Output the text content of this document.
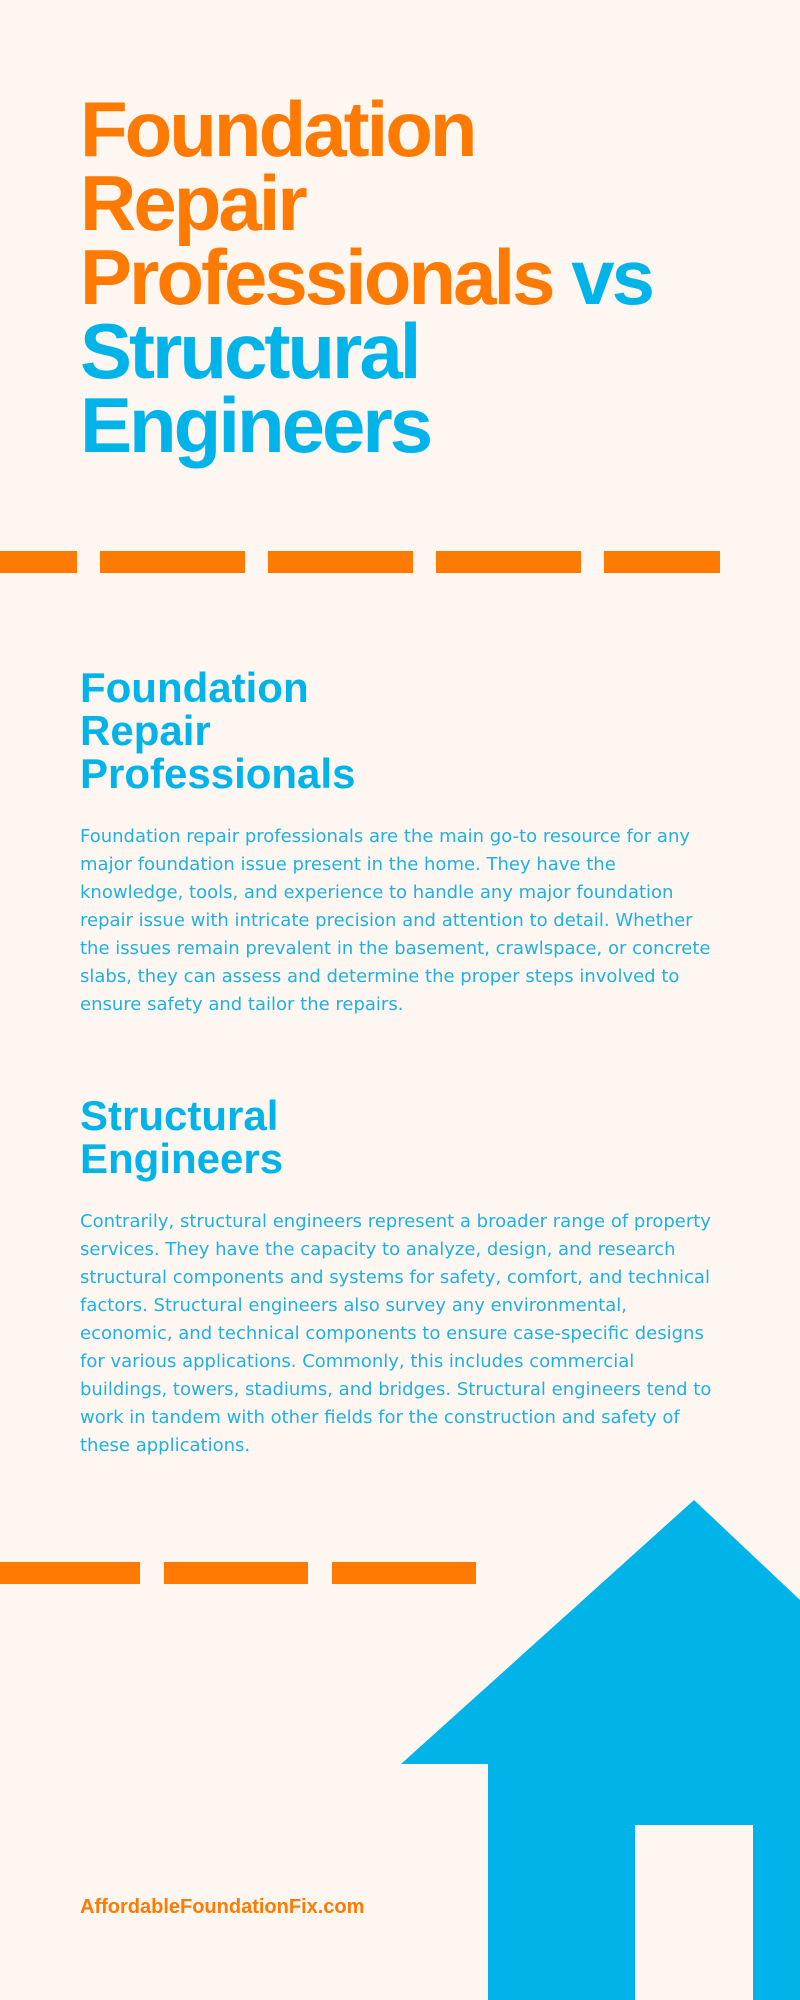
Foundation
Repair
Professionals vs
Structural
Engineers
Foundation Repair Professionals

Foundation repair professionals are the main go-to resource for any major foundation issue present in the home. They have the knowledge, tools, and experience to handle any major foundation repair issue with intricate precision and attention to detail. Whether the issues remain prevalent in the basement, crawlspace, or concrete slabs, they can assess and determine the proper steps involved to ensure safety and tailor the repairs.

Structural Engineers

Contrarily, structural engineers represent a broader range of property services. They have the capacity to analyze, design, and research structural components and systems for safety, comfort, and technical factors. Structural engineers also survey any environmental, economic, and technical components to ensure case-specific designs for various applications. Commonly, this includes commercial buildings, towers, stadiums, and bridges. Structural engineers tend to work in tandem with other fields for the construction and safety of these applications.

AffordableFoundationFix.com
